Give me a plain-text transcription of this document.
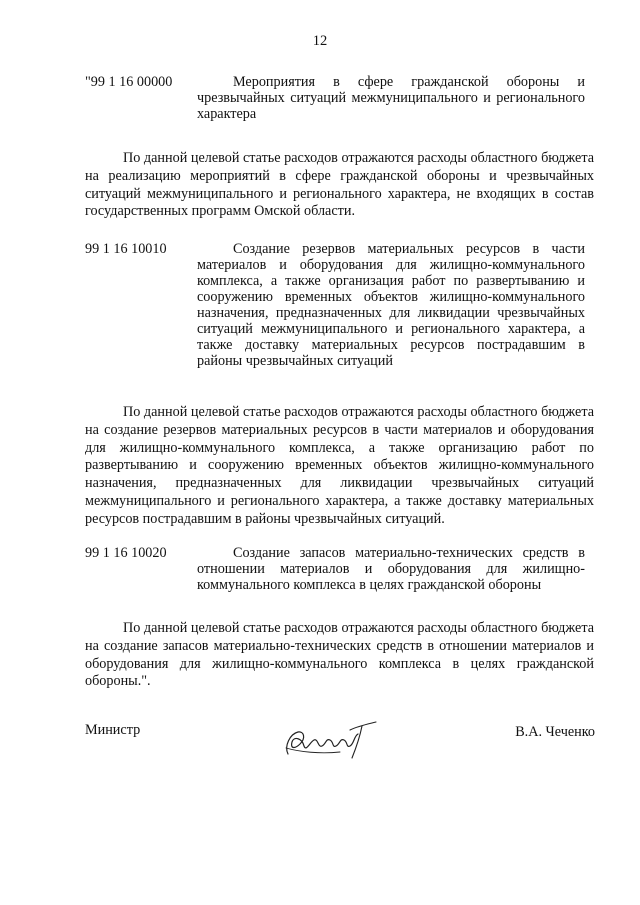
12
"99 1 16 00000	Мероприятия в сфере гражданской обороны и чрезвычайных ситуаций межмуниципального и регионального характера
По данной целевой статье расходов отражаются расходы областного бюджета на реализацию мероприятий в сфере гражданской обороны и чрезвычайных ситуаций межмуниципального и регионального характера, не входящих в состав государственных программ Омской области.
99 1 16 10010	Создание резервов материальных ресурсов в части материалов и оборудования для жилищно-коммунального комплекса, а также организация работ по развертыванию и сооружению временных объектов жилищно-коммунального назначения, предназначенных для ликвидации чрезвычайных ситуаций межмуниципального и регионального характера, а также доставку материальных ресурсов пострадавшим в районы чрезвычайных ситуаций
По данной целевой статье расходов отражаются расходы областного бюджета на создание резервов материальных ресурсов в части материалов и оборудования для жилищно-коммунального комплекса, а также организацию работ по развертыванию и сооружению временных объектов жилищно-коммунального назначения, предназначенных для ликвидации чрезвычайных ситуаций межмуниципального и регионального характера, а также доставку материальных ресурсов пострадавшим в районы чрезвычайных ситуаций.
99 1 16 10020	Создание запасов материально-технических средств в отношении материалов и оборудования для жилищно-коммунального комплекса в целях гражданской обороны
По данной целевой статье расходов отражаются расходы областного бюджета на создание запасов материально-технических средств в отношении материалов и оборудования для жилищно-коммунального комплекса в целях гражданской обороны.".
Министр	В.А. Чеченко
